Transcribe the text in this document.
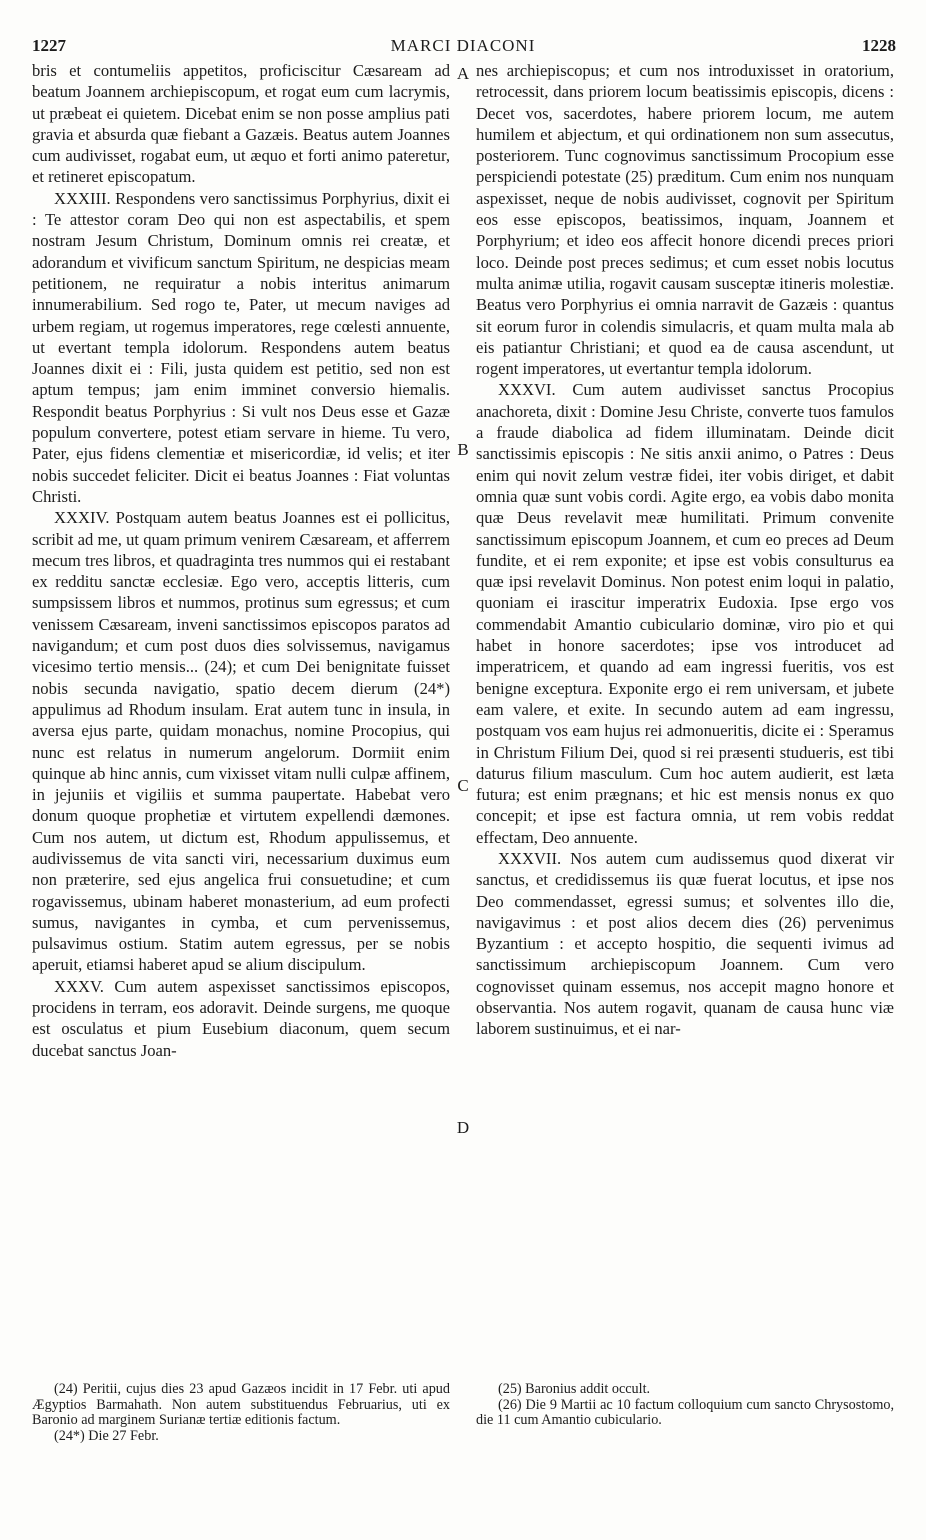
1227	MARCI DIACONI	1228

bris et contumeliis appetitos, proficiscitur Cæsaream ad beatum Joannem archiepiscopum, et rogat eum cum lacrymis, ut præbeat ei quietem. Dicebat enim se non posse amplius pati gravia et absurda quæ fiebant a Gazæis. Beatus autem Joannes cum audivisset, rogabat eum, ut æquo et forti animo pateretur, et retineret episcopatum.

XXXIII. Respondens vero sanctissimus Porphyrius, dixit ei : Te attestor coram Deo qui non est aspectabilis, et spem nostram Jesum Christum, Dominum omnis rei creatæ, et adorandum et vivificum sanctum Spiritum, ne despicias meam petitionem, ne requiratur a nobis interitus animarum innumerabilium. Sed rogo te, Pater, ut mecum naviges ad urbem regiam, ut rogemus imperatores, rege cœlesti annuente, ut evertant templa idolorum. Respondens autem beatus Joannes dixit ei : Fili, justa quidem est petitio, sed non est aptum tempus; jam enim imminet conversio hiemalis. Respondit beatus Porphyrius : Si vult nos Deus esse et Gazæ populum convertere, potest etiam servare in hieme. Tu vero, Pater, ejus fidens clementiæ et misericordiæ, id velis; et iter nobis succedet feliciter. Dicit ei beatus Joannes : Fiat voluntas Christi.

XXXIV. Postquam autem beatus Joannes est ei pollicitus, scribit ad me, ut quam primum venirem Cæsaream, et afferrem mecum tres libros, et quadraginta tres nummos qui ei restabant ex redditu sanctæ ecclesiæ. Ego vero, acceptis litteris, cum sumpsissem libros et nummos, protinus sum egressus; et cum venissem Cæsaream, inveni sanctissimos episcopos paratos ad navigandum; et cum post duos dies solvissemus, navigamus vicesimo tertio mensis... (24); et cum Dei benignitate fuisset nobis secunda navigatio, spatio decem dierum (24*) appulimus ad Rhodum insulam. Erat autem tunc in insula, in aversa ejus parte, quidam monachus, nomine Procopius, qui nunc est relatus in numerum angelorum. Dormiit enim quinque ab hinc annis, cum vixisset vitam nulli culpæ affinem, in jejuniis et vigiliis et summa paupertate. Habebat vero donum quoque prophetiæ et virtutem expellendi dæmones. Cum nos autem, ut dictum est, Rhodum appulissemus, et audivissemus de vita sancti viri, necessarium duximus eum non præterire, sed ejus angelica frui consuetudine; et cum rogavissemus, ubinam haberet monasterium, ad eum profecti sumus, navigantes in cymba, et cum pervenissemus, pulsavimus ostium. Statim autem egressus, per se nobis aperuit, etiamsi haberet apud se alium discipulum.

XXXV. Cum autem aspexisset sanctissimos episcopos, procidens in terram, eos adoravit. Deinde surgens, me quoque est osculatus et pium Eusebium diaconum, quem secum ducebat sanctus Joan-

A
B
C
D

nes archiepiscopus; et cum nos introduxisset in oratorium, retrocessit, dans priorem locum beatissimis episcopis, dicens : Decet vos, sacerdotes, habere priorem locum, me autem humilem et abjectum, et qui ordinationem non sum assecutus, posteriorem. Tunc cognovimus sanctissimum Procopium esse perspiciendi potestate (25) præditum. Cum enim nos nunquam aspexisset, neque de nobis audivisset, cognovit per Spiritum eos esse episcopos, beatissimos, inquam, Joannem et Porphyrium; et ideo eos affecit honore dicendi preces priori loco. Deinde post preces sedimus; et cum esset nobis locutus multa animæ utilia, rogavit causam susceptæ itineris molestiæ. Beatus vero Porphyrius ei omnia narravit de Gazæis : quantus sit eorum furor in colendis simulacris, et quam multa mala ab eis patiantur Christiani; et quod ea de causa ascendunt, ut rogent imperatores, ut evertantur templa idolorum.

XXXVI. Cum autem audivisset sanctus Procopius anachoreta, dixit : Domine Jesu Christe, converte tuos famulos a fraude diabolica ad fidem illuminatam. Deinde dicit sanctissimis episcopis : Ne sitis anxii animo, o Patres : Deus enim qui novit zelum vestræ fidei, iter vobis diriget, et dabit omnia quæ sunt vobis cordi. Agite ergo, ea vobis dabo monita quæ Deus revelavit meæ humilitati. Primum convenite sanctissimum episcopum Joannem, et cum eo preces ad Deum fundite, et ei rem exponite; et ipse est vobis consulturus ea quæ ipsi revelavit Dominus. Non potest enim loqui in palatio, quoniam ei irascitur imperatrix Eudoxia. Ipse ergo vos commendabit Amantio cubiculario dominæ, viro pio et qui habet in honore sacerdotes; ipse vos introducet ad imperatricem, et quando ad eam ingressi fueritis, vos est benigne exceptura. Exponite ergo ei rem universam, et jubete eam valere, et exite. In secundo autem ad eam ingressu, postquam vos eam hujus rei admonueritis, dicite ei : Speramus in Christum Filium Dei, quod si rei præsenti studueris, est tibi daturus filium masculum. Cum hoc autem audierit, est læta futura; est enim prægnans; et hic est mensis nonus ex quo concepit; et ipse est factura omnia, ut rem vobis reddat effectam, Deo annuente.

XXXVII. Nos autem cum audissemus quod dixerat vir sanctus, et credidissemus iis quæ fuerat locutus, et ipse nos Deo commendasset, egressi sumus; et solventes illo die, navigavimus : et post alios decem dies (26) pervenimus Byzantium : et accepto hospitio, die sequenti ivimus ad sanctissimum archiepiscopum Joannem. Cum vero cognovisset quinam essemus, nos accepit magno honore et observantia. Nos autem rogavit, quanam de causa hunc viæ laborem sustinuimus, et ei nar-

(24) Peritii, cujus dies 23 apud Gazæos incidit in 17 Febr. uti apud Ægyptios Barmahath. Non autem substituendus Februarius, uti ex Baronio ad marginem Surianæ tertiæ editionis factum.

(24*) Die 27 Febr.

(25) Baronius addit occult.

(26) Die 9 Martii ac 10 factum colloquium cum sancto Chrysostomo, die 11 cum Amantio cubiculario.
